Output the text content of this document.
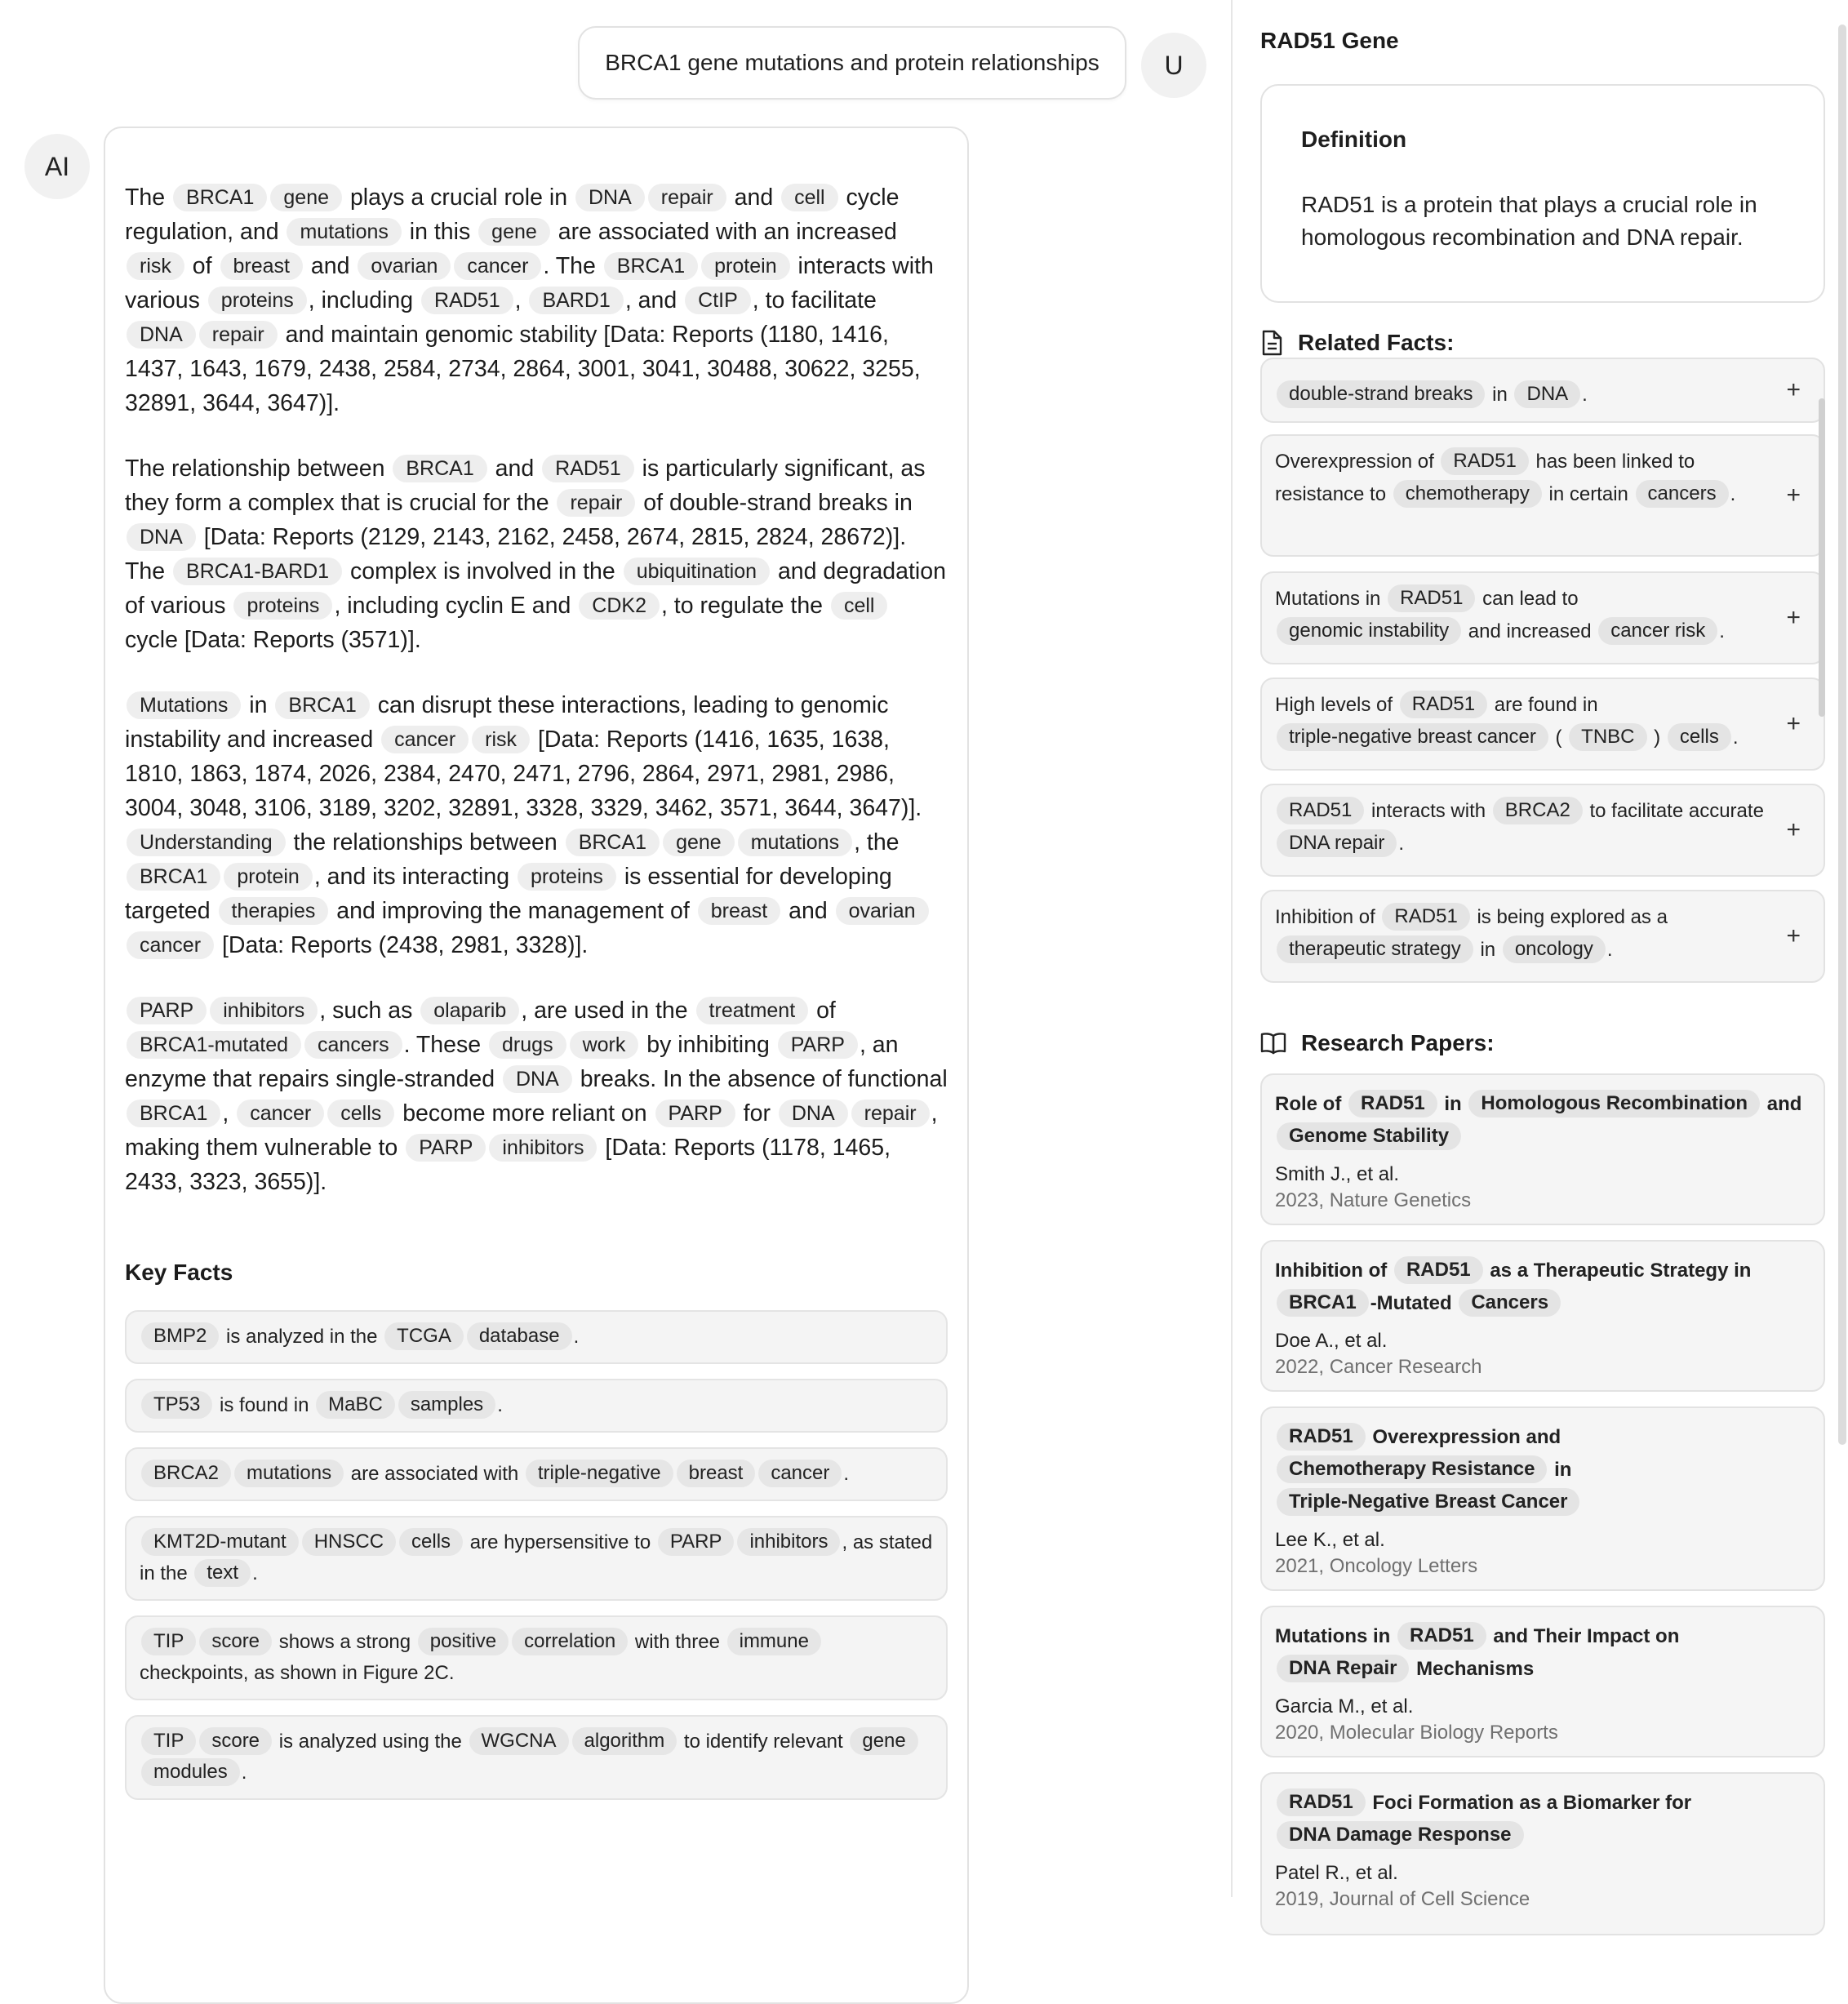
BRCA1 gene mutations and protein relationships	U
AI
The BRCA1 gene plays a crucial role in DNA repair and cell cycle regulation, and mutations in this gene are associated with an increased risk of breast and ovarian cancer . The BRCA1 protein interacts with various proteins , including RAD51 , BARD1 , and CtIP , to facilitate DNA repair and maintain genomic stability [Data: Reports (1180, 1416, 1437, 1643, 1679, 2438, 2584, 2734, 2864, 3001, 3041, 30488, 30622, 3255, 32891, 3644, 3647)].
The relationship between BRCA1 and RAD51 is particularly significant, as they form a complex that is crucial for the repair of double-strand breaks in DNA [Data: Reports (2129, 2143, 2162, 2458, 2674, 2815, 2824, 28672)]. The BRCA1-BARD1 complex is involved in the ubiquitination and degradation of various proteins , including cyclin E and CDK2 , to regulate the cell cycle [Data: Reports (3571)].
Mutations in BRCA1 can disrupt these interactions, leading to genomic instability and increased cancer risk [Data: Reports (1416, 1635, 1638, 1810, 1863, 1874, 2026, 2384, 2470, 2471, 2796, 2864, 2971, 2981, 2986, 3004, 3048, 3106, 3189, 3202, 32891, 3328, 3329, 3462, 3571, 3644, 3647)]. Understanding the relationships between BRCA1 gene mutations , the BRCA1 protein , and its interacting proteins is essential for developing targeted therapies and improving the management of breast and ovariancancer [Data: Reports (2438, 2981, 3328)].
PARP inhibitors , such as olaparib , are used in the treatment of BRCA1-mutated cancers . These drugs work by inhibiting PARP , an enzyme that repairs single-stranded DNA breaks. In the absence of functional BRCA1 , cancer cells become more reliant on PARP for DNA repair , making them vulnerable to PARP inhibitors [Data: Reports (1178, 1465, 2433, 3323, 3655)].
Key Facts
BMP2 is analyzed in the TCGA database .
TP53 is found in MaBC samples .
BRCA2 mutations are associated with triple-negative breast cancer .
KMT2D-mutant HNSCC cells are hypersensitive to PARP inhibitors , as stated in the text .
TIP score shows a strong positive correlation with three immune checkpoints, as shown in Figure 2C.
TIP score is analyzed using the WGCNA algorithm to identify relevant genemodules .
RAD51 Gene
Definition
RAD51 is a protein that plays a crucial role in homologous recombination and DNA repair.
Related Facts:
double-strand breaks in DNA .	+
Overexpression of RAD51 has been linked to resistance to chemotherapy in certain cancers . +
Mutations in RAD51 can lead to genomic instability and increased cancer risk .
+
High levels of RAD51 are found in triple-negative breast cancer ( TNBC ) cells .
+
RAD51 interacts with BRCA2 to facilitate accurate DNA repair .
+
Inhibition of RAD51 is being explored as a therapeutic strategy in oncology .
+
Research Papers:
Role of RAD51 in Homologous Recombination and Genome Stability
Smith J., et al.
2023, Nature Genetics
Inhibition of RAD51 as a Therapeutic Strategy in BRCA1 -Mutated Cancers
Doe A., et al.
2022, Cancer Research
RAD51 Overexpression and Chemotherapy Resistance in Triple-Negative Breast Cancer
Lee K., et al.
2021, Oncology Letters
Mutations in RAD51 and Their Impact on DNA Repair Mechanisms
Garcia M., et al.
2020, Molecular Biology Reports
RAD51 Foci Formation as a Biomarker for DNA Damage Response
Patel R., et al.
2019, Journal of Cell Science
